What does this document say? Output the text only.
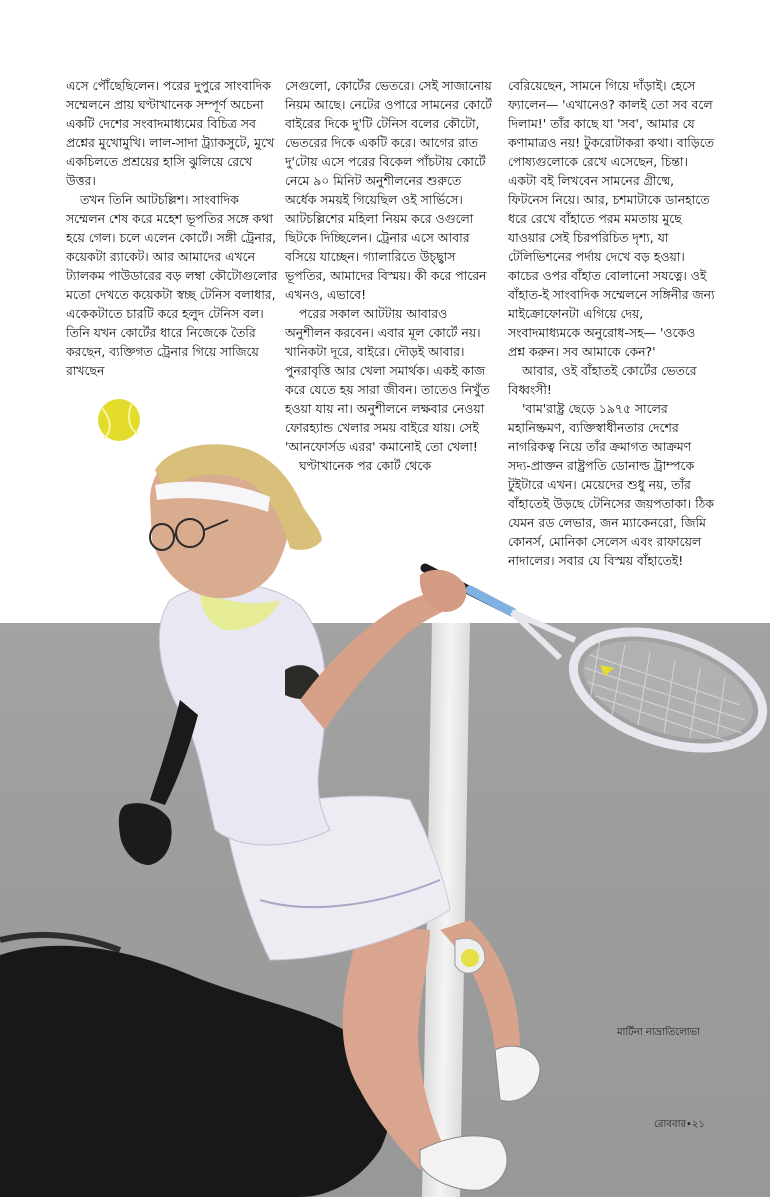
এসে পৌঁছেছিলেন। পরের দুপুরে সাংবাদিক সম্মেলনে প্রায় ঘণ্টাখানেক সম্পূর্ণ অচেনা একটি দেশের সংবাদমাধ্যমের বিচিত্র সব প্রশ্নের মুখোমুখি। লাল-সাদা ট্র্যাকসুটে, মুখে একচিলতে প্রশ্রয়ের হাসি ঝুলিয়ে রেখে উত্তর।

তখন তিনি আটচল্লিশ। সাংবাদিক সম্মেলন শেষ করে মহেশ ভূপতির সঙ্গে কথা হয়ে গেল। চলে এলেন কোর্টে। সঙ্গী ট্রেনার, কয়েকটা র‍্যাকেট। আর আমাদের এখনে ট্যালকম পাউডারের বড় লম্বা কৌটোগুলোর মতো দেখতে কয়েকটা স্বচ্ছ টেনিস বলাধার, একেকটাতে চারটি করে হলুদ টেনিস বল। তিনি যখন কোর্টের ধারে নিজেকে তৈরি করছেন, ব্যক্তিগত ট্রেনার গিয়ে সাজিয়ে রাখছেন

সেগুলো, কোর্টের ভেতরে। সেই সাজানোয় নিয়ম আছে। নেটের ওপারে সামনের কোর্টে বাইরের দিকে দু'টি টেনিস বলের কৌটো, ভেতরের দিকে একটি করে। আগের রাত দু'টোয় এসে পরের বিকেল পাঁচটায় কোর্টে নেমে ৯০ মিনিট অনুশীলনের শুরুতে অর্ধেক সময়ই গিয়েছিল ওই সার্ভিসে। আটচল্লিশের মহিলা নিয়ম করে ওগুলো ছিটকে দিচ্ছিলেন। ট্রেনার এসে আবার বসিয়ে যাচ্ছেন। গ্যালারিতে উচ্ছ্বাস ভূপতির, আমাদের বিস্ময়। কী করে পারেন এখনও, এভাবে!

পরের সকাল আটটায় আবারও অনুশীলন করবেন। এবার মূল কোর্টে নয়। খানিকটা দূরে, বাইরে। দৌড়ই আবার। পুনরাবৃত্তি আর খেলা সমার্থক। একই কাজ করে যেতে হয় সারা জীবন। তাতেও নিখুঁত হওয়া যায় না। অনুশীলনে লক্ষবার নেওয়া ফোরহ্যান্ড খেলার সময় বাইরে যায়। সেই 'আনফোর্সড এরর' কমানোই তো খেলা!

ঘণ্টাখানেক পর কোর্ট থেকে

বেরিয়েছেন, সামনে গিয়ে দাঁড়াই। হেসে ফ্যালেন— 'এখানেও? কালই তো সব বলে দিলাম!' তাঁর কাছে যা 'সব', আমার যে কণামাত্রও নয়! টুকরোটাকরা কথা। বাড়িতে পোষ্যগুলোকে রেখে এসেছেন, চিন্তা। একটা বই লিখবেন সামনের গ্রীষ্মে, ফিটনেস নিয়ে। আর, চশমাটাকে ডানহাতে ধরে রেখে বাঁহাতে পরম মমতায় মুছে যাওয়ার সেই চিরপরিচিত দৃশ্য, যা টেলিভিশনের পর্দায় দেখে বড় হওয়া। কাচের ওপর বাঁহাত বোলানো সযত্নে। ওই বাঁহাত-ই সাংবাদিক সম্মেলনে সঙ্গিনীর জন্য মাইক্রোফোনটা এগিয়ে দেয়, সংবাদমাধ্যমকে অনুরোধ-সহ— 'ওকেও প্রশ্ন করুন। সব আমাকে কেন?'

আবার, ওই বাঁহাতই কোর্টের ভেতরে বিধ্বংসী!

'বাম'রাষ্ট্র ছেড়ে ১৯৭৫ সালের মহানিষ্ক্রমণ, ব্যক্তিস্বাধীনতার দেশের নাগরিকত্ব নিয়ে তাঁর ক্রমাগত আক্রমণ সদ্য-প্রাক্তন রাষ্ট্রপতি ডোনাল্ড ট্রাম্পকে টুইটারে এখন। মেয়েদের শুধু নয়, তাঁর বাঁহাতেই উড়ছে টেনিসের জয়পতাকা। ঠিক যেমন রড লেভার, জন ম্যাকেনরো, জিমি কোনর্স, মোনিকা সেলেস এবং রাফায়েল নাদালের। সবার যে বিস্ময় বাঁহাতেই!

মার্টিনা নাভ্রাতিলোভা
রোববার•২১
